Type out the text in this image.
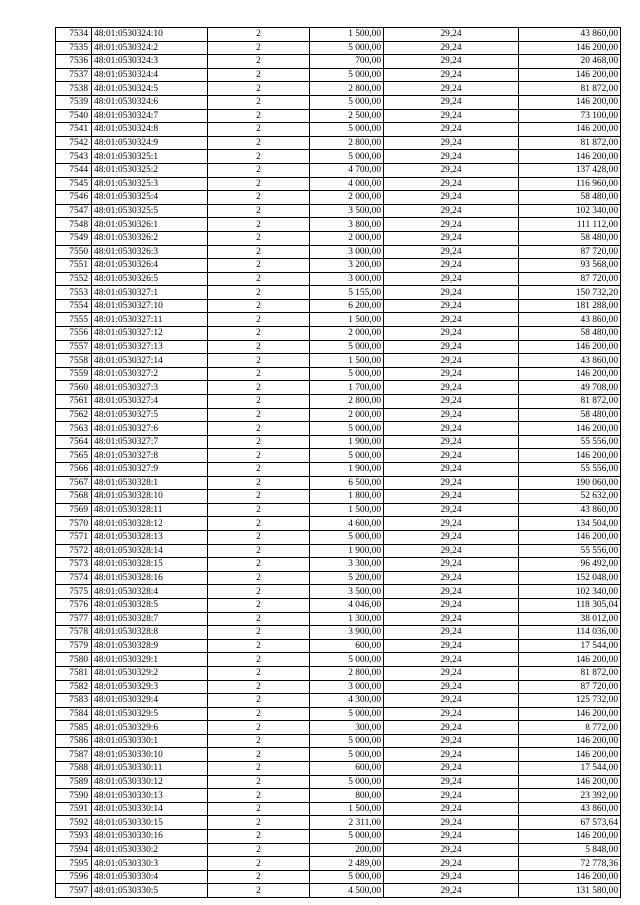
7534	48:01:0530324:10	2	1 500,00	29,24	43 860,00
7535	48:01:0530324:2	2	5 000,00	29,24	146 200,00
7536	48:01:0530324:3	2	700,00	29,24	20 468,00
7537	48:01:0530324:4	2	5 000,00	29,24	146 200,00
7538	48:01:0530324:5	2	2 800,00	29,24	81 872,00
7539	48:01:0530324:6	2	5 000,00	29,24	146 200,00
7540	48:01:0530324:7	2	2 500,00	29,24	73 100,00
7541	48:01:0530324:8	2	5 000,00	29,24	146 200,00
7542	48:01:0530324:9	2	2 800,00	29,24	81 872,00
7543	48:01:0530325:1	2	5 000,00	29,24	146 200,00
7544	48:01:0530325:2	2	4 700,00	29,24	137 428,00
7545	48:01:0530325:3	2	4 000,00	29,24	116 960,00
7546	48:01:0530325:4	2	2 000,00	29,24	58 480,00
7547	48:01:0530325:5	2	3 500,00	29,24	102 340,00
7548	48:01:0530326:1	2	3 800,00	29,24	111 112,00
7549	48:01:0530326:2	2	2 000,00	29,24	58 480,00
7550	48:01:0530326:3	2	3 000,00	29,24	87 720,00
7551	48:01:0530326:4	2	3 200,00	29,24	93 568,00
7552	48:01:0530326:5	2	3 000,00	29,24	87 720,00
7553	48:01:0530327:1	2	5 155,00	29,24	150 732,20
7554	48:01:0530327:10	2	6 200,00	29,24	181 288,00
7555	48:01:0530327:11	2	1 500,00	29,24	43 860,00
7556	48:01:0530327:12	2	2 000,00	29,24	58 480,00
7557	48:01:0530327:13	2	5 000,00	29,24	146 200,00
7558	48:01:0530327:14	2	1 500,00	29,24	43 860,00
7559	48:01:0530327:2	2	5 000,00	29,24	146 200,00
7560	48:01:0530327:3	2	1 700,00	29,24	49 708,00
7561	48:01:0530327:4	2	2 800,00	29,24	81 872,00
7562	48:01:0530327:5	2	2 000,00	29,24	58 480,00
7563	48:01:0530327:6	2	5 000,00	29,24	146 200,00
7564	48:01:0530327:7	2	1 900,00	29,24	55 556,00
7565	48:01:0530327:8	2	5 000,00	29,24	146 200,00
7566	48:01:0530327:9	2	1 900,00	29,24	55 556,00
7567	48:01:0530328:1	2	6 500,00	29,24	190 060,00
7568	48:01:0530328:10	2	1 800,00	29,24	52 632,00
7569	48:01:0530328:11	2	1 500,00	29,24	43 860,00
7570	48:01:0530328:12	2	4 600,00	29,24	134 504,00
7571	48:01:0530328:13	2	5 000,00	29,24	146 200,00
7572	48:01:0530328:14	2	1 900,00	29,24	55 556,00
7573	48:01:0530328:15	2	3 300,00	29,24	96 492,00
7574	48:01:0530328:16	2	5 200,00	29,24	152 048,00
7575	48:01:0530328:4	2	3 500,00	29,24	102 340,00
7576	48:01:0530328:5	2	4 046,00	29,24	118 305,04
7577	48:01:0530328:7	2	1 300,00	29,24	38 012,00
7578	48:01:0530328:8	2	3 900,00	29,24	114 036,00
7579	48:01:0530328:9	2	600,00	29,24	17 544,00
7580	48:01:0530329:1	2	5 000,00	29,24	146 200,00
7581	48:01:0530329:2	2	2 800,00	29,24	81 872,00
7582	48:01:0530329:3	2	3 000,00	29,24	87 720,00
7583	48:01:0530329:4	2	4 300,00	29,24	125 732,00
7584	48:01:0530329:5	2	5 000,00	29,24	146 200,00
7585	48:01:0530329:6	2	300,00	29,24	8 772,00
7586	48:01:0530330:1	2	5 000,00	29,24	146 200,00
7587	48:01:0530330:10	2	5 000,00	29,24	146 200,00
7588	48:01:0530330:11	2	600,00	29,24	17 544,00
7589	48:01:0530330:12	2	5 000,00	29,24	146 200,00
7590	48:01:0530330:13	2	800,00	29,24	23 392,00
7591	48:01:0530330:14	2	1 500,00	29,24	43 860,00
7592	48:01:0530330:15	2	2 311,00	29,24	67 573,64
7593	48:01:0530330:16	2	5 000,00	29,24	146 200,00
7594	48:01:0530330:2	2	200,00	29,24	5 848,00
7595	48:01:0530330:3	2	2 489,00	29,24	72 778,36
7596	48:01:0530330:4	2	5 000,00	29,24	146 200,00
7597	48:01:0530330:5	2	4 500,00	29,24	131 580,00
